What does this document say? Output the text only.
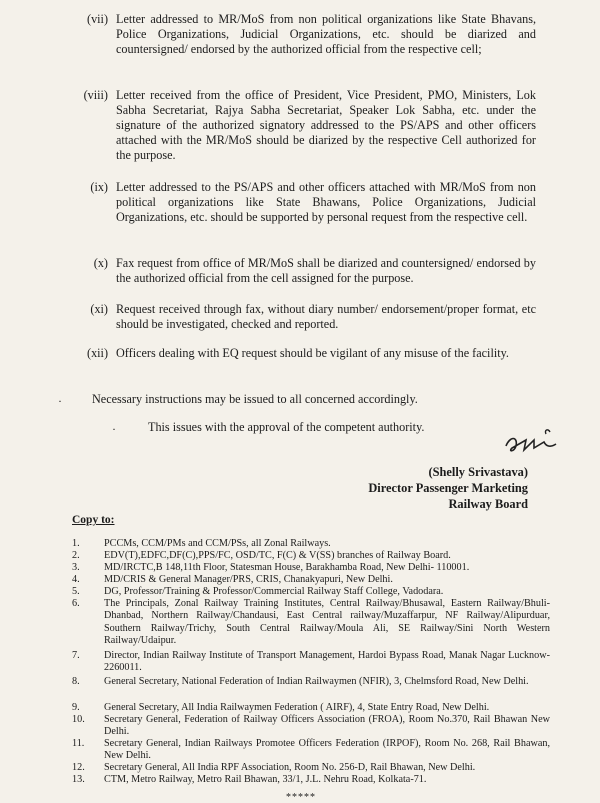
(vii) Letter addressed to MR/MoS from non political organizations like State Bhavans, Police Organizations, Judicial Organizations, etc. should be diarized and countersigned/ endorsed by the authorized official from the respective cell;
(viii) Letter received from the office of President, Vice President, PMO, Ministers, Lok Sabha Secretariat, Rajya Sabha Secretariat, Speaker Lok Sabha, etc. under the signature of the authorized signatory addressed to the PS/APS and other officers attached with the MR/MoS should be diarized by the respective Cell authorized for the purpose.
(ix) Letter addressed to the PS/APS and other officers attached with MR/MoS from non political organizations like State Bhawans, Police Organizations, Judicial Organizations, etc. should be supported by personal request from the respective cell.
(x) Fax request from office of MR/MoS shall be diarized and countersigned/ endorsed by the authorized official from the cell assigned for the purpose.
(xi) Request received through fax, without diary number/ endorsement/proper format, etc should be investigated, checked and reported.
(xii) Officers dealing with EQ request should be vigilant of any misuse of the facility.
· Necessary instructions may be issued to all concerned accordingly.
·	This issues with the approval of the competent authority.
(Shelly Srivastava)
Director Passenger Marketing
Railway Board
Copy to:
1.	PCCMs, CCM/PMs and CCM/PSs, all Zonal Railways.
2.	EDV(T),EDFC,DF(C),PPS/FC, OSD/TC, F(C) & V(SS) branches of Railway Board.
3.	MD/IRCTC,B 148,11th Floor, Statesman House, Barakhamba Road, New Delhi- 110001.
4.	MD/CRIS & General Manager/PRS, CRIS, Chanakyapuri, New Delhi.
5.	DG, Professor/Training & Professor/Commercial Railway Staff College, Vadodara.
6.	The Principals, Zonal Railway Training Institutes, Central Railway/Bhusawal, Eastern Railway/Bhuli-Dhanbad, Northern Railway/Chandausi, East Central railway/Muzaffarpur, NF Railway/Alipurduar, Southern Railway/Trichy, South Central Railway/Moula Ali, SE Railway/Sini North Western Railway/Udaipur.
7.	Director, Indian Railway Institute of Transport Management, Hardoi Bypass Road, Manak Nagar Lucknow-2260011.
8.	General Secretary, National Federation of Indian Railwaymen (NFIR), 3, Chelmsford Road, New Delhi.
9.	General Secretary, All India Railwaymen Federation ( AIRF), 4, State Entry Road, New Delhi.
10. Secretary General, Federation of Railway Officers Association (FROA), Room No.370, Rail Bhawan New Delhi.
11. Secretary General, Indian Railways Promotee Officers Federation (IRPOF), Room No. 268, Rail Bhawan, New Delhi.
12. Secretary General, All India RPF Association, Room No. 256-D, Rail Bhawan, New Delhi.
13. CTM, Metro Railway, Metro Rail Bhawan, 33/1, J.L. Nehru Road, Kolkata-71.
*****
